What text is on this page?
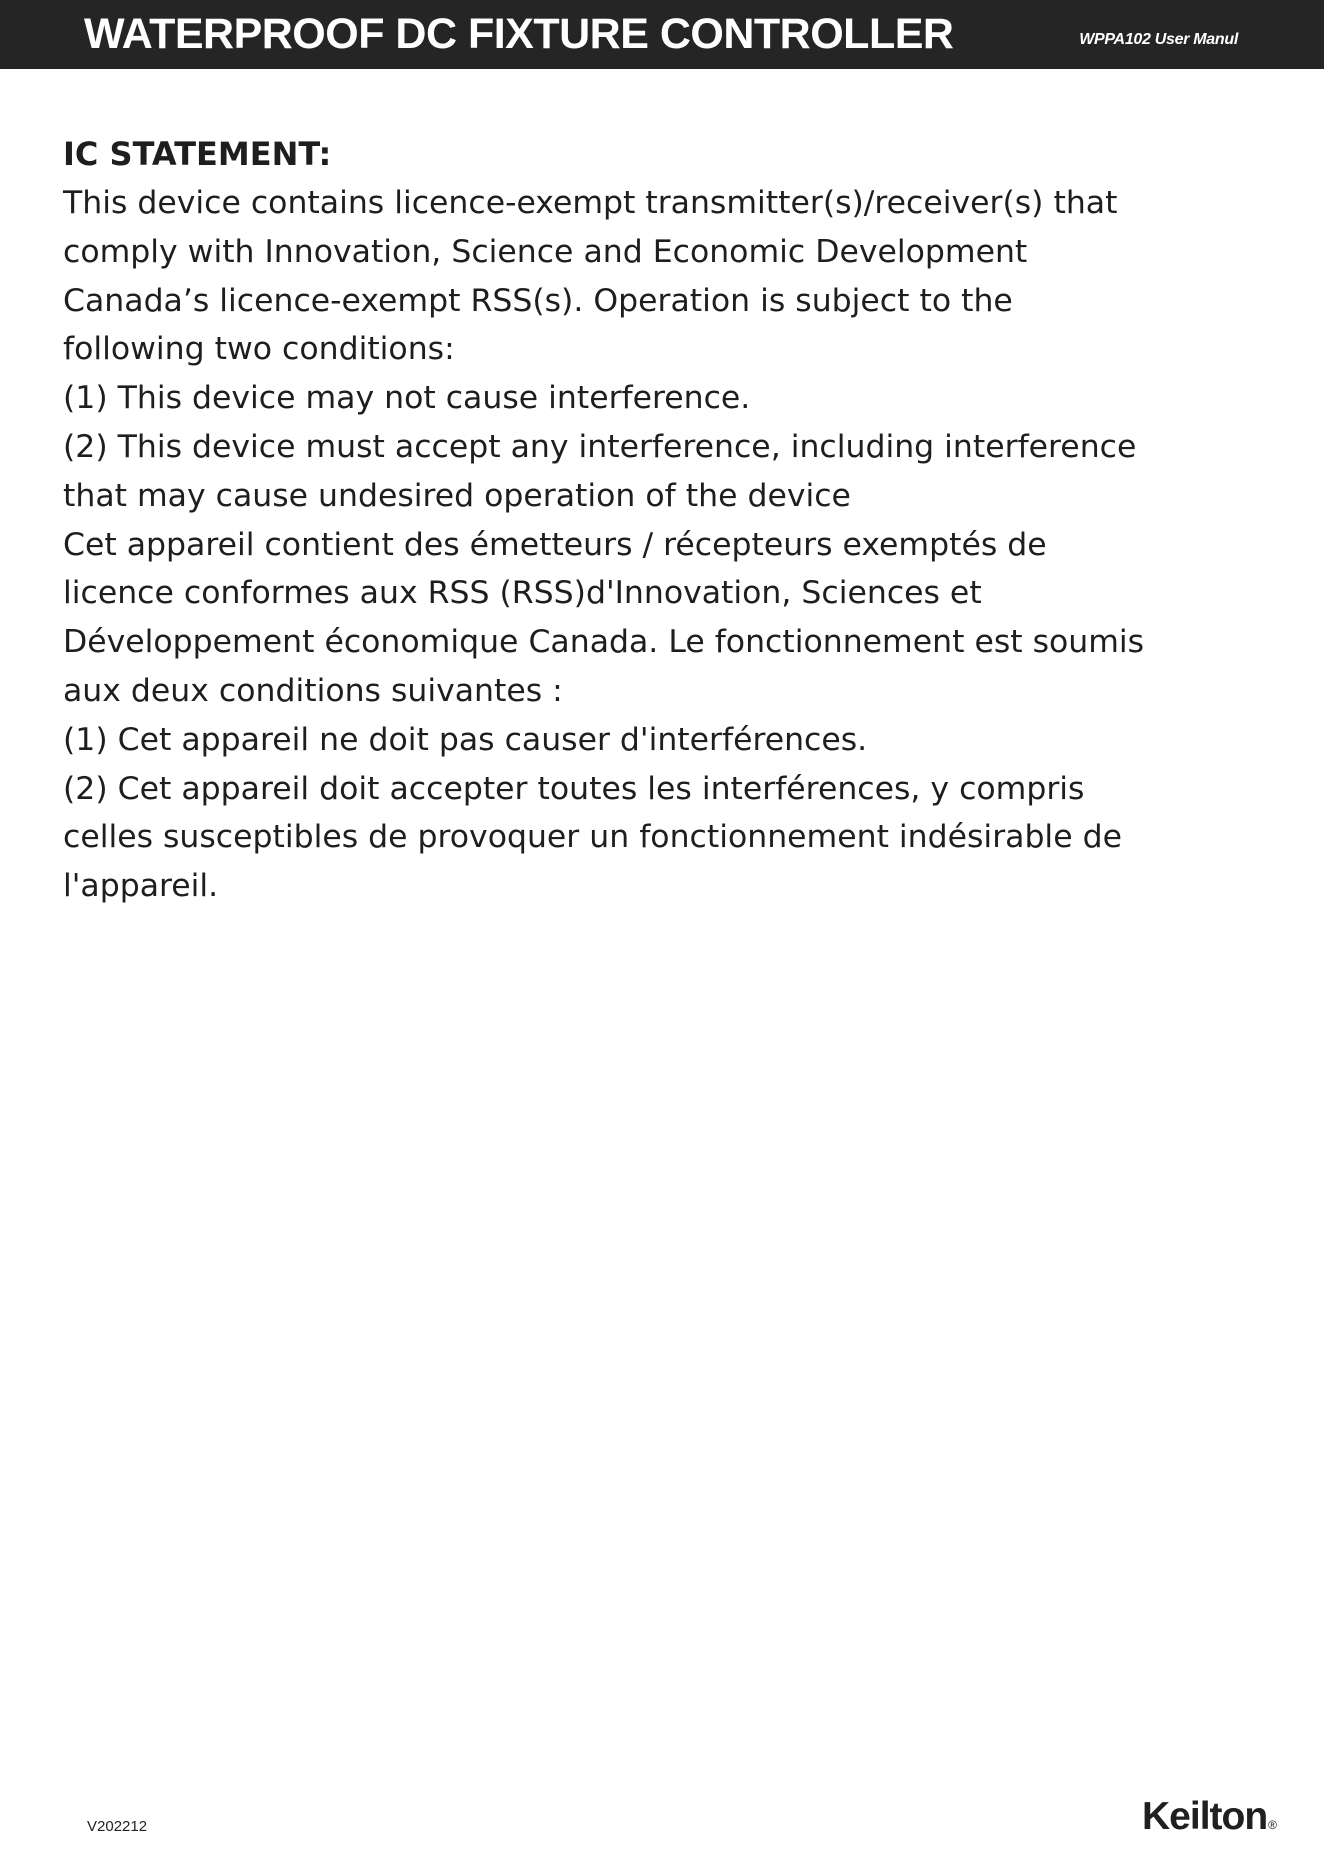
WATERPROOF DC FIXTURE CONTROLLER	WPPA102 User Manul
IC STATEMENT:

This device contains licence-exempt transmitter(s)/receiver(s) that

comply with Innovation, Science and Economic Development

Canada’s licence-exempt RSS(s). Operation is subject to the

following two conditions:

(1) This device may not cause interference.

(2) This device must accept any interference, including interference

that may cause undesired operation of the device

Cet appareil contient des émetteurs / récepteurs exemptés de

licence conformes aux RSS (RSS)d'Innovation, Sciences et

Développement économique Canada. Le fonctionnement est soumis

aux deux conditions suivantes :

(1) Cet appareil ne doit pas causer d'interférences.

(2) Cet appareil doit accepter toutes les interférences, y compris

celles susceptibles de provoquer un fonctionnement indésirable de

l'appareil.

V202212	Keilton®
